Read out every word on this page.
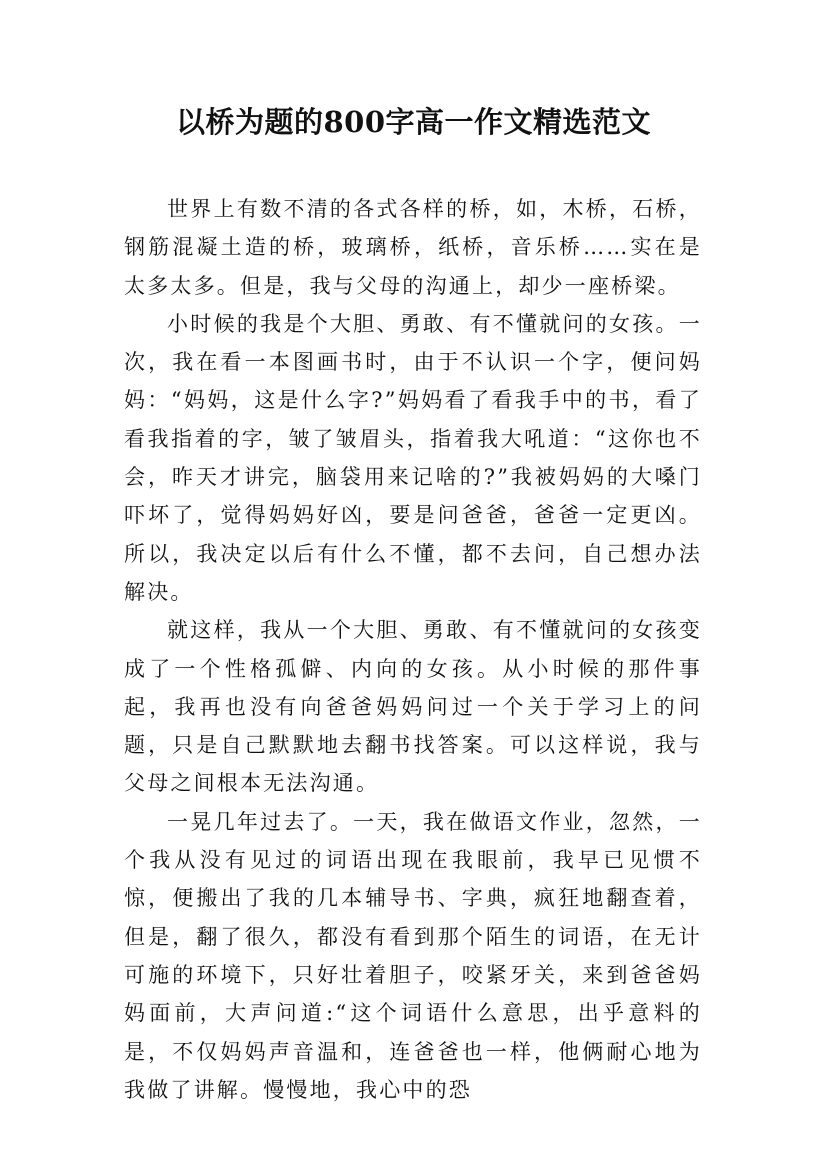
以桥为题的800字高一作文精选范文

世界上有数不清的各式各样的桥，如，木桥，石桥，钢筋混凝土造的桥，玻璃桥，纸桥，音乐桥……实在是太多太多。但是，我与父母的沟通上，却少一座桥梁。

小时候的我是个大胆、勇敢、有不懂就问的女孩。一次，我在看一本图画书时，由于不认识一个字，便问妈妈：“妈妈，这是什么字?”妈妈看了看我手中的书，看了看我指着的字，皱了皱眉头，指着我大吼道：“这你也不会，昨天才讲完，脑袋用来记啥的?”我被妈妈的大嗓门吓坏了，觉得妈妈好凶，要是问爸爸，爸爸一定更凶。所以，我决定以后有什么不懂，都不去问，自己想办法解决。

就这样，我从一个大胆、勇敢、有不懂就问的女孩变成了一个性格孤僻、内向的女孩。从小时候的那件事起，我再也没有向爸爸妈妈问过一个关于学习上的问题，只是自己默默地去翻书找答案。可以这样说，我与父母之间根本无法沟通。

一晃几年过去了。一天，我在做语文作业，忽然，一个我从没有见过的词语出现在我眼前，我早已见惯不惊，便搬出了我的几本辅导书、字典，疯狂地翻查着，但是，翻了很久，都没有看到那个陌生的词语，在无计可施的环境下，只好壮着胆子，咬紧牙关，来到爸爸妈妈面前，大声问道:“这个词语什么意思，出乎意料的是，不仅妈妈声音温和，连爸爸也一样，他俩耐心地为我做了讲解。慢慢地，我心中的恐
